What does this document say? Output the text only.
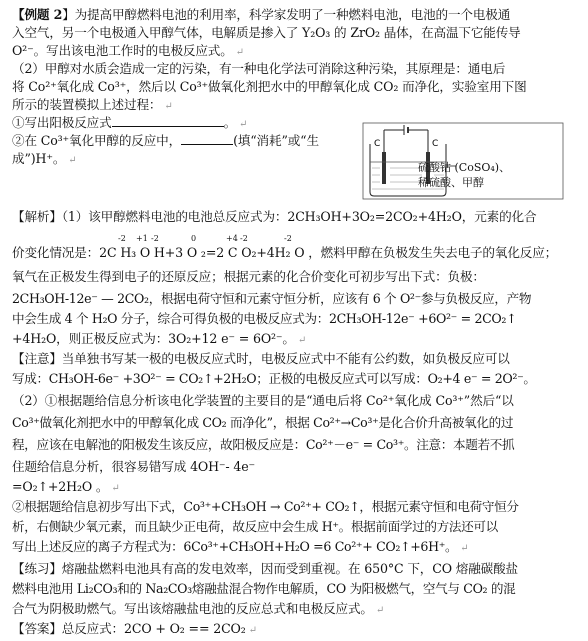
【例题 2】为提高甲醇燃料电池的利用率，科学家发明了一种燃料电池，电池的一个电极通
入空气，另一个电极通入甲醇气体，电解质是掺入了 Y₂O₃ 的 ZrO₂ 晶体，在高温下它能传导
O²⁻。写出该电池工作时的电极反应式。 ↵
（2）甲醇对水质会造成一定的污染，有一种电化学法可消除这种污染，其原理是：通电后
将 Co²⁺氧化成 Co³⁺，然后以 Co³⁺做氧化剂把水中的甲醇氧化成 CO₂ 而净化，实验室用下图
所示的装置模拟上述过程： ↵
①写出阳极反应式	。 ↵
②在 Co³⁺氧化甲醇的反应中，	(填“消耗”或“生
成”)H⁺。 ↵
C	C
硫酸钴 (CoSO₄)、
稀硫酸、甲醇
【解析】（1）该甲醇燃料电池的电池总反应式为：2CH₃OH+3O₂=2CO₂+4H₂O，元素的化合
-2 +1 -2	0	+4 -2	-2
价变化情况是：2C H₃ O H+3 O ₂=2 C O₂+4H₂ O ，燃料甲醇在负极发生失去电子的氧化反应；
氧气在正极发生得到电子的还原反应；根据元素的化合价变化可初步写出下式：负极：
2CH₃OH-12e⁻ — 2CO₂，根据电荷守恒和元素守恒分析，应该有 6 个 O²⁻参与负极反应，产物
中会生成 4 个 H₂O 分子，综合可得负极的电极反应式为：2CH₃OH-12e⁻ +6O²⁻ = 2CO₂↑
+4H₂O，则正极反应式为：3O₂+12 e⁻ = 6O²⁻。 ↵
【注意】当单独书写某一极的电极反应式时，电极反应式中不能有公约数，如负极反应可以
写成：CH₃OH-6e⁻ +3O²⁻ = CO₂↑+2H₂O；正极的电极反应式可以写成：O₂+4 e⁻ = 2O²⁻。
（2）①根据题给信息分析该电化学装置的主要目的是“通电后将 Co²⁺氧化成 Co³⁺”然后“以
Co³⁺做氧化剂把水中的甲醇氧化成 CO₂ 而净化”，根据 Co²⁺→Co³⁺是化合价升高被氧化的过
程，应该在电解池的阳极发生该反应，故阳极反应是：Co²⁺－e⁻ = Co³⁺。注意：本题若不抓
住题给信息分析，很容易错写成 4OH⁻- 4e⁻
=O₂↑+2H₂O 。 ↵
②根据题给信息初步写出下式，Co³⁺+CH₃OH → Co²⁺+ CO₂↑，根据元素守恒和电荷守恒分
析，右侧缺少氧元素，而且缺少正电荷，故反应中会生成 H⁺。根据前面学过的方法还可以
写出上述反应的离子方程式为：6Co³⁺+CH₃OH+H₂O =6 Co²⁺+ CO₂↑+6H⁺。 ↵
【练习】熔融盐燃料电池具有高的发电效率，因而受到重视。在 650°C 下，CO 熔融碳酸盐
燃料电池用 Li₂CO₃和的 Na₂CO₃熔融盐混合物作电解质，CO 为阳极燃气，空气与 CO₂ 的混
合气为阴极助燃气。写出该熔融盐电池的反应总式和电极反应式。 ↵
【答案】总反应式：2CO + O₂ == 2CO₂ ↵
